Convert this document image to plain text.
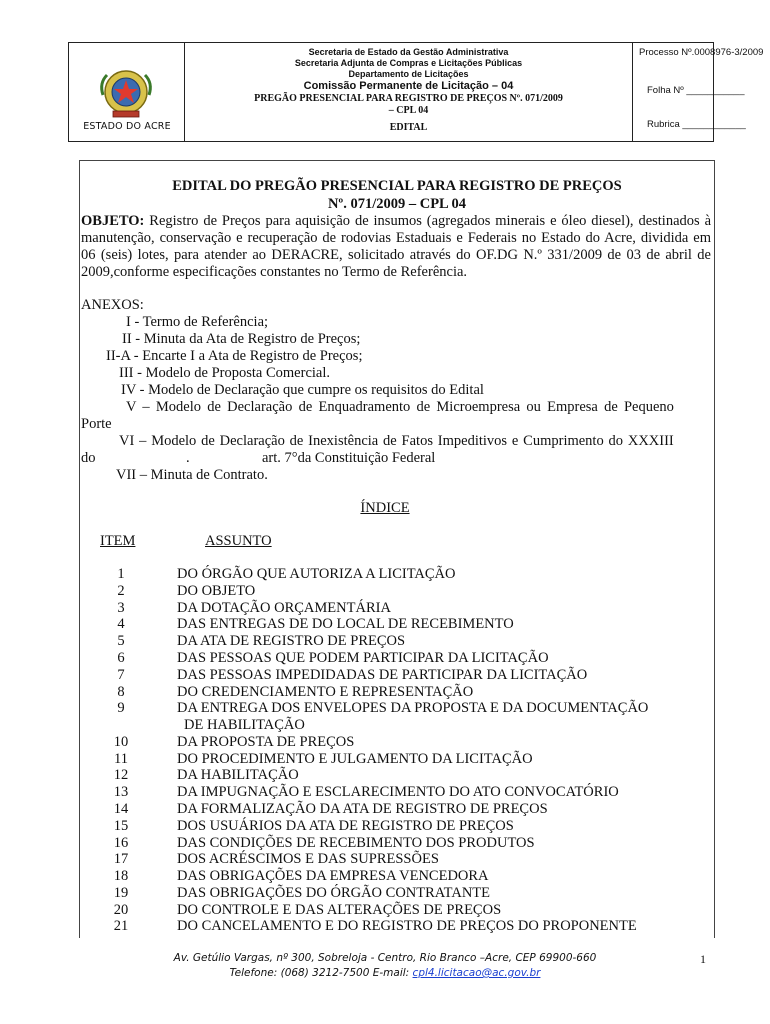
ESTADO DO ACRE
Secretaria de Estado da Gestão Administrativa
Secretaria Adjunta de Compras e Licitações Públicas
Departamento de Licitações
Comissão Permanente de Licitação – 04
PREGÃO PRESENCIAL PARA REGISTRO DE PREÇOS Nº. 071/2009
– CPL 04
EDITAL
Processo Nº.0008976-3/2009
Folha Nº ___________
Rubrica ____________
EDITAL DO PREGÃO PRESENCIAL PARA REGISTRO DE PREÇOS
Nº. 071/2009 – CPL 04
OBJETO: Registro de Preços para aquisição de insumos (agregados minerais e óleo diesel), destinados à manutenção, conservação e recuperação de rodovias Estaduais e Federais no Estado do Acre, dividida em 06 (seis) lotes, para atender ao DERACRE, solicitado através do OF.DG N.º 331/2009 de 03 de abril de 2009,conforme especificações constantes no Termo de Referência.
ANEXOS:
I - Termo de Referência;
II - Minuta da Ata de Registro de Preços;
II-A - Encarte I a Ata de Registro de Preços;
III - Modelo de Proposta Comercial.
IV - Modelo de Declaração que cumpre os requisitos do Edital
V – Modelo de Declaração de Enquadramento de Microempresa ou Empresa de Pequeno
Porte
VI – Modelo de Declaração de Inexistência de Fatos Impeditivos e Cumprimento do XXXIII
do	.	art. 7°da Constituição Federal
VII – Minuta de Contrato.
ÍNDICE
ITEM	ASSUNTO
1	DO ÓRGÃO QUE AUTORIZA A LICITAÇÃO
2	DO OBJETO
3	DA DOTAÇÃO ORÇAMENTÁRIA
4	DAS ENTREGAS DE DO LOCAL DE RECEBIMENTO
5	DA ATA DE REGISTRO DE PREÇOS
6	DAS PESSOAS QUE PODEM PARTICIPAR DA LICITAÇÃO
7	DAS PESSOAS IMPEDIDADAS DE PARTICIPAR DA LICITAÇÃO
8	DO CREDENCIAMENTO E REPRESENTAÇÃO
9	DA ENTREGA DOS ENVELOPES DA PROPOSTA E DA DOCUMENTAÇÃO
DE HABILITAÇÃO
10	DA PROPOSTA DE PREÇOS
11	DO PROCEDIMENTO E JULGAMENTO DA LICITAÇÃO
12	DA HABILITAÇÃO
13	DA IMPUGNAÇÃO E ESCLARECIMENTO DO ATO CONVOCATÓRIO
14	DA FORMALIZAÇÃO DA ATA DE REGISTRO DE PREÇOS
15	DOS USUÁRIOS DA ATA DE REGISTRO DE PREÇOS
16	DAS CONDIÇÕES DE RECEBIMENTO DOS PRODUTOS
17	DOS ACRÉSCIMOS E DAS SUPRESSÕES
18	DAS OBRIGAÇÕES DA EMPRESA VENCEDORA
19	DAS OBRIGAÇÕES DO ÓRGÃO CONTRATANTE
20	DO CONTROLE E DAS ALTERAÇÕES DE PREÇOS
21	DO CANCELAMENTO E DO REGISTRO DE PREÇOS DO PROPONENTE
Av. Getúlio Vargas, nº 300, Sobreloja - Centro, Rio Branco –Acre, CEP 69900-660
Telefone: (068) 3212-7500 E-mail: cpl4.licitacao@ac.gov.br
1
